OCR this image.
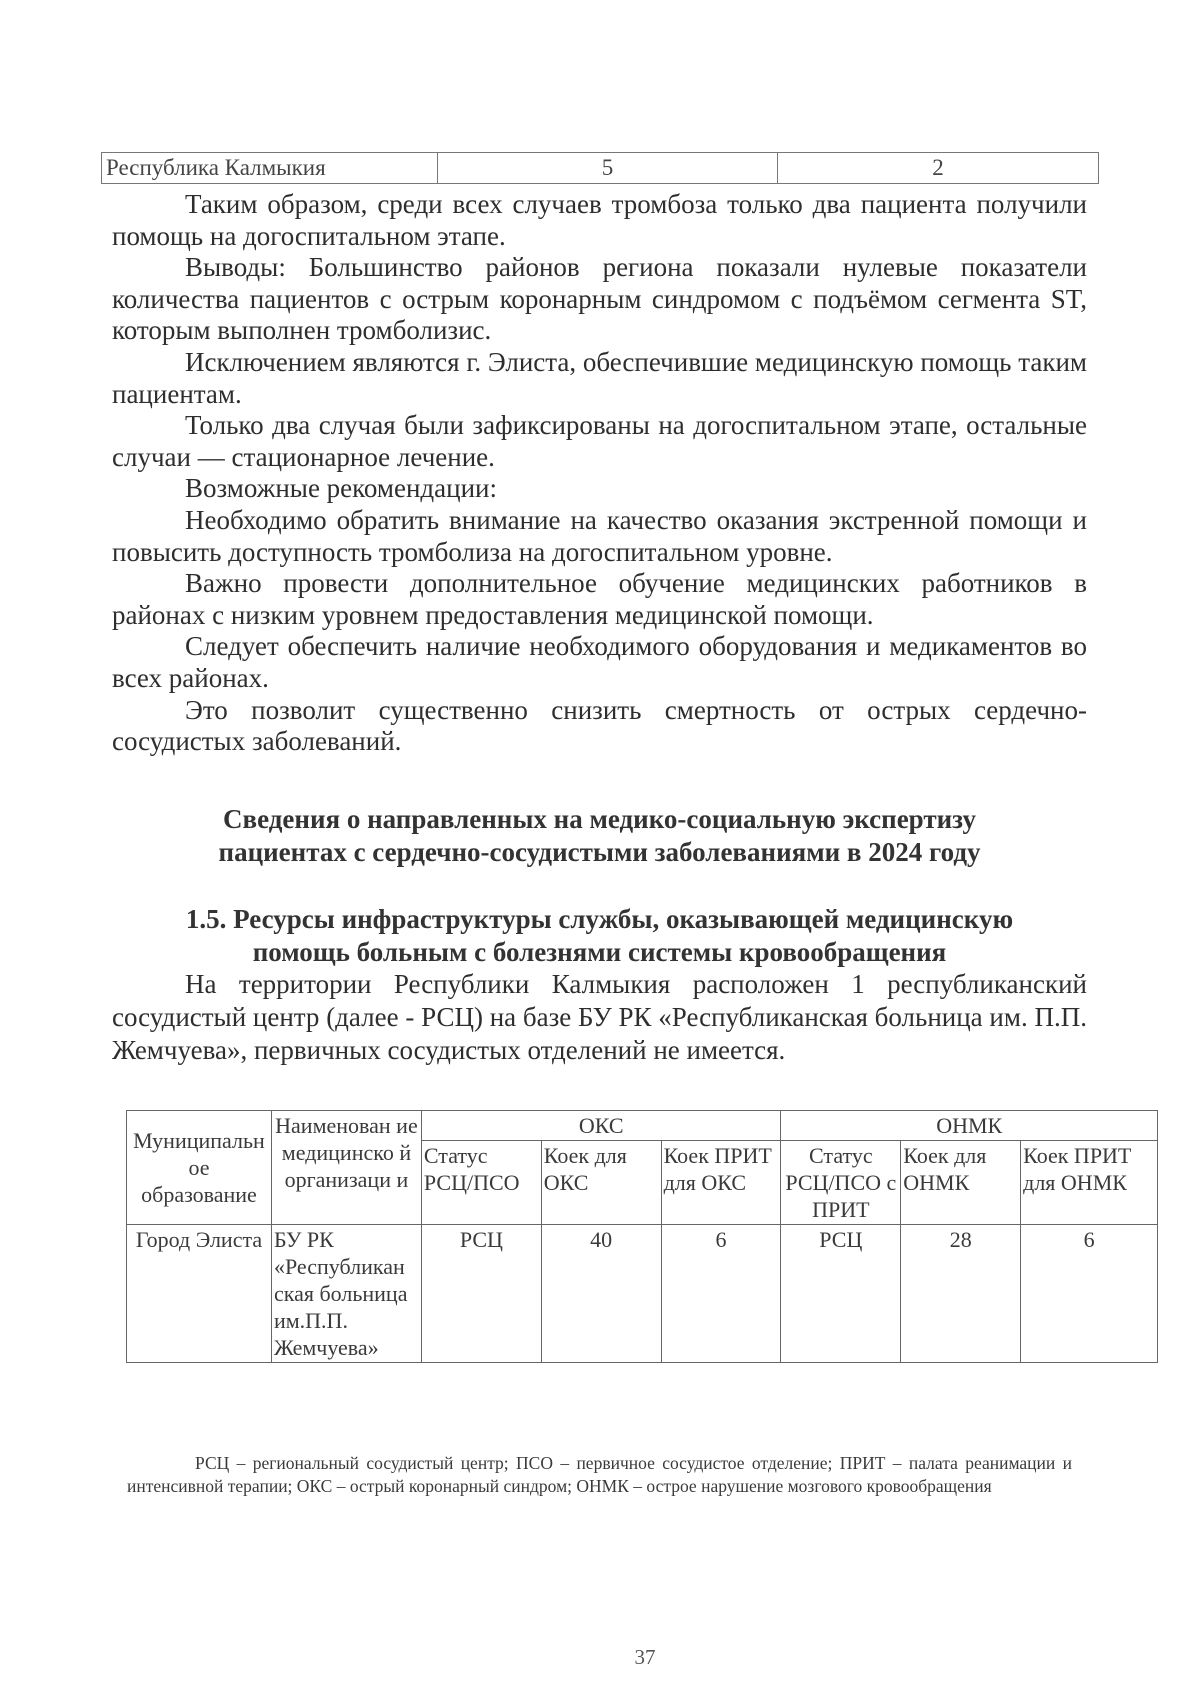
Республика Калмыкия	5	2

Таким образом, среди всех случаев тромбоза только два пациента получили помощь на догоспитальном этапе.

Выводы: Большинство районов региона показали нулевые показатели количества пациентов с острым коронарным синдромом с подъёмом сегмента ST, которым выполнен тромболизис.

Исключением являются г. Элиста, обеспечившие медицинскую помощь таким пациентам.

Только два случая были зафиксированы на догоспитальном этапе, остальные случаи — стационарное лечение.

Возможные рекомендации:

Необходимо обратить внимание на качество оказания экстренной помощи и повысить доступность тромболиза на догоспитальном уровне.

Важно провести дополнительное обучение медицинских работников в районах с низким уровнем предоставления медицинской помощи.

Следует обеспечить наличие необходимого оборудования и медикаментов во всех районах.

Это позволит существенно снизить смертность от острых сердечно-сосудистых заболеваний.

Сведения о направленных на медико-социальную экспертизу
пациентах с сердечно-сосудистыми заболеваниями в 2024 году
1.5. Ресурсы инфраструктуры службы, оказывающей медицинскую
помощь больным с болезнями системы кровообращения

На территории Республики Калмыкия расположен 1 республиканский сосудистый центр (далее - РСЦ) на базе БУ РК «Республиканская больница им. П.П. Жемчуева», первичных сосудистых отделений не имеется.

Муниципальн ое образование	Наименован ие медицинско й организаци и	ОКС			ОНМК		
		Статус РСЦ/ПСО	Коек для ОКС	Коек ПРИТ для ОКС	Статус РСЦ/ПСО с ПРИТ	Коек для ОНМК	Коек ПРИТ для ОНМК
Город Элиста	БУ РК «Республикан ская больница им.П.П. Жемчуева»	РСЦ	40	6	РСЦ	28	6

РСЦ – региональный сосудистый центр; ПСО – первичное сосудистое отделение; ПРИТ – палата реанимации и интенсивной терапии; ОКС – острый коронарный синдром; ОНМК – острое нарушение мозгового кровообращения

37
